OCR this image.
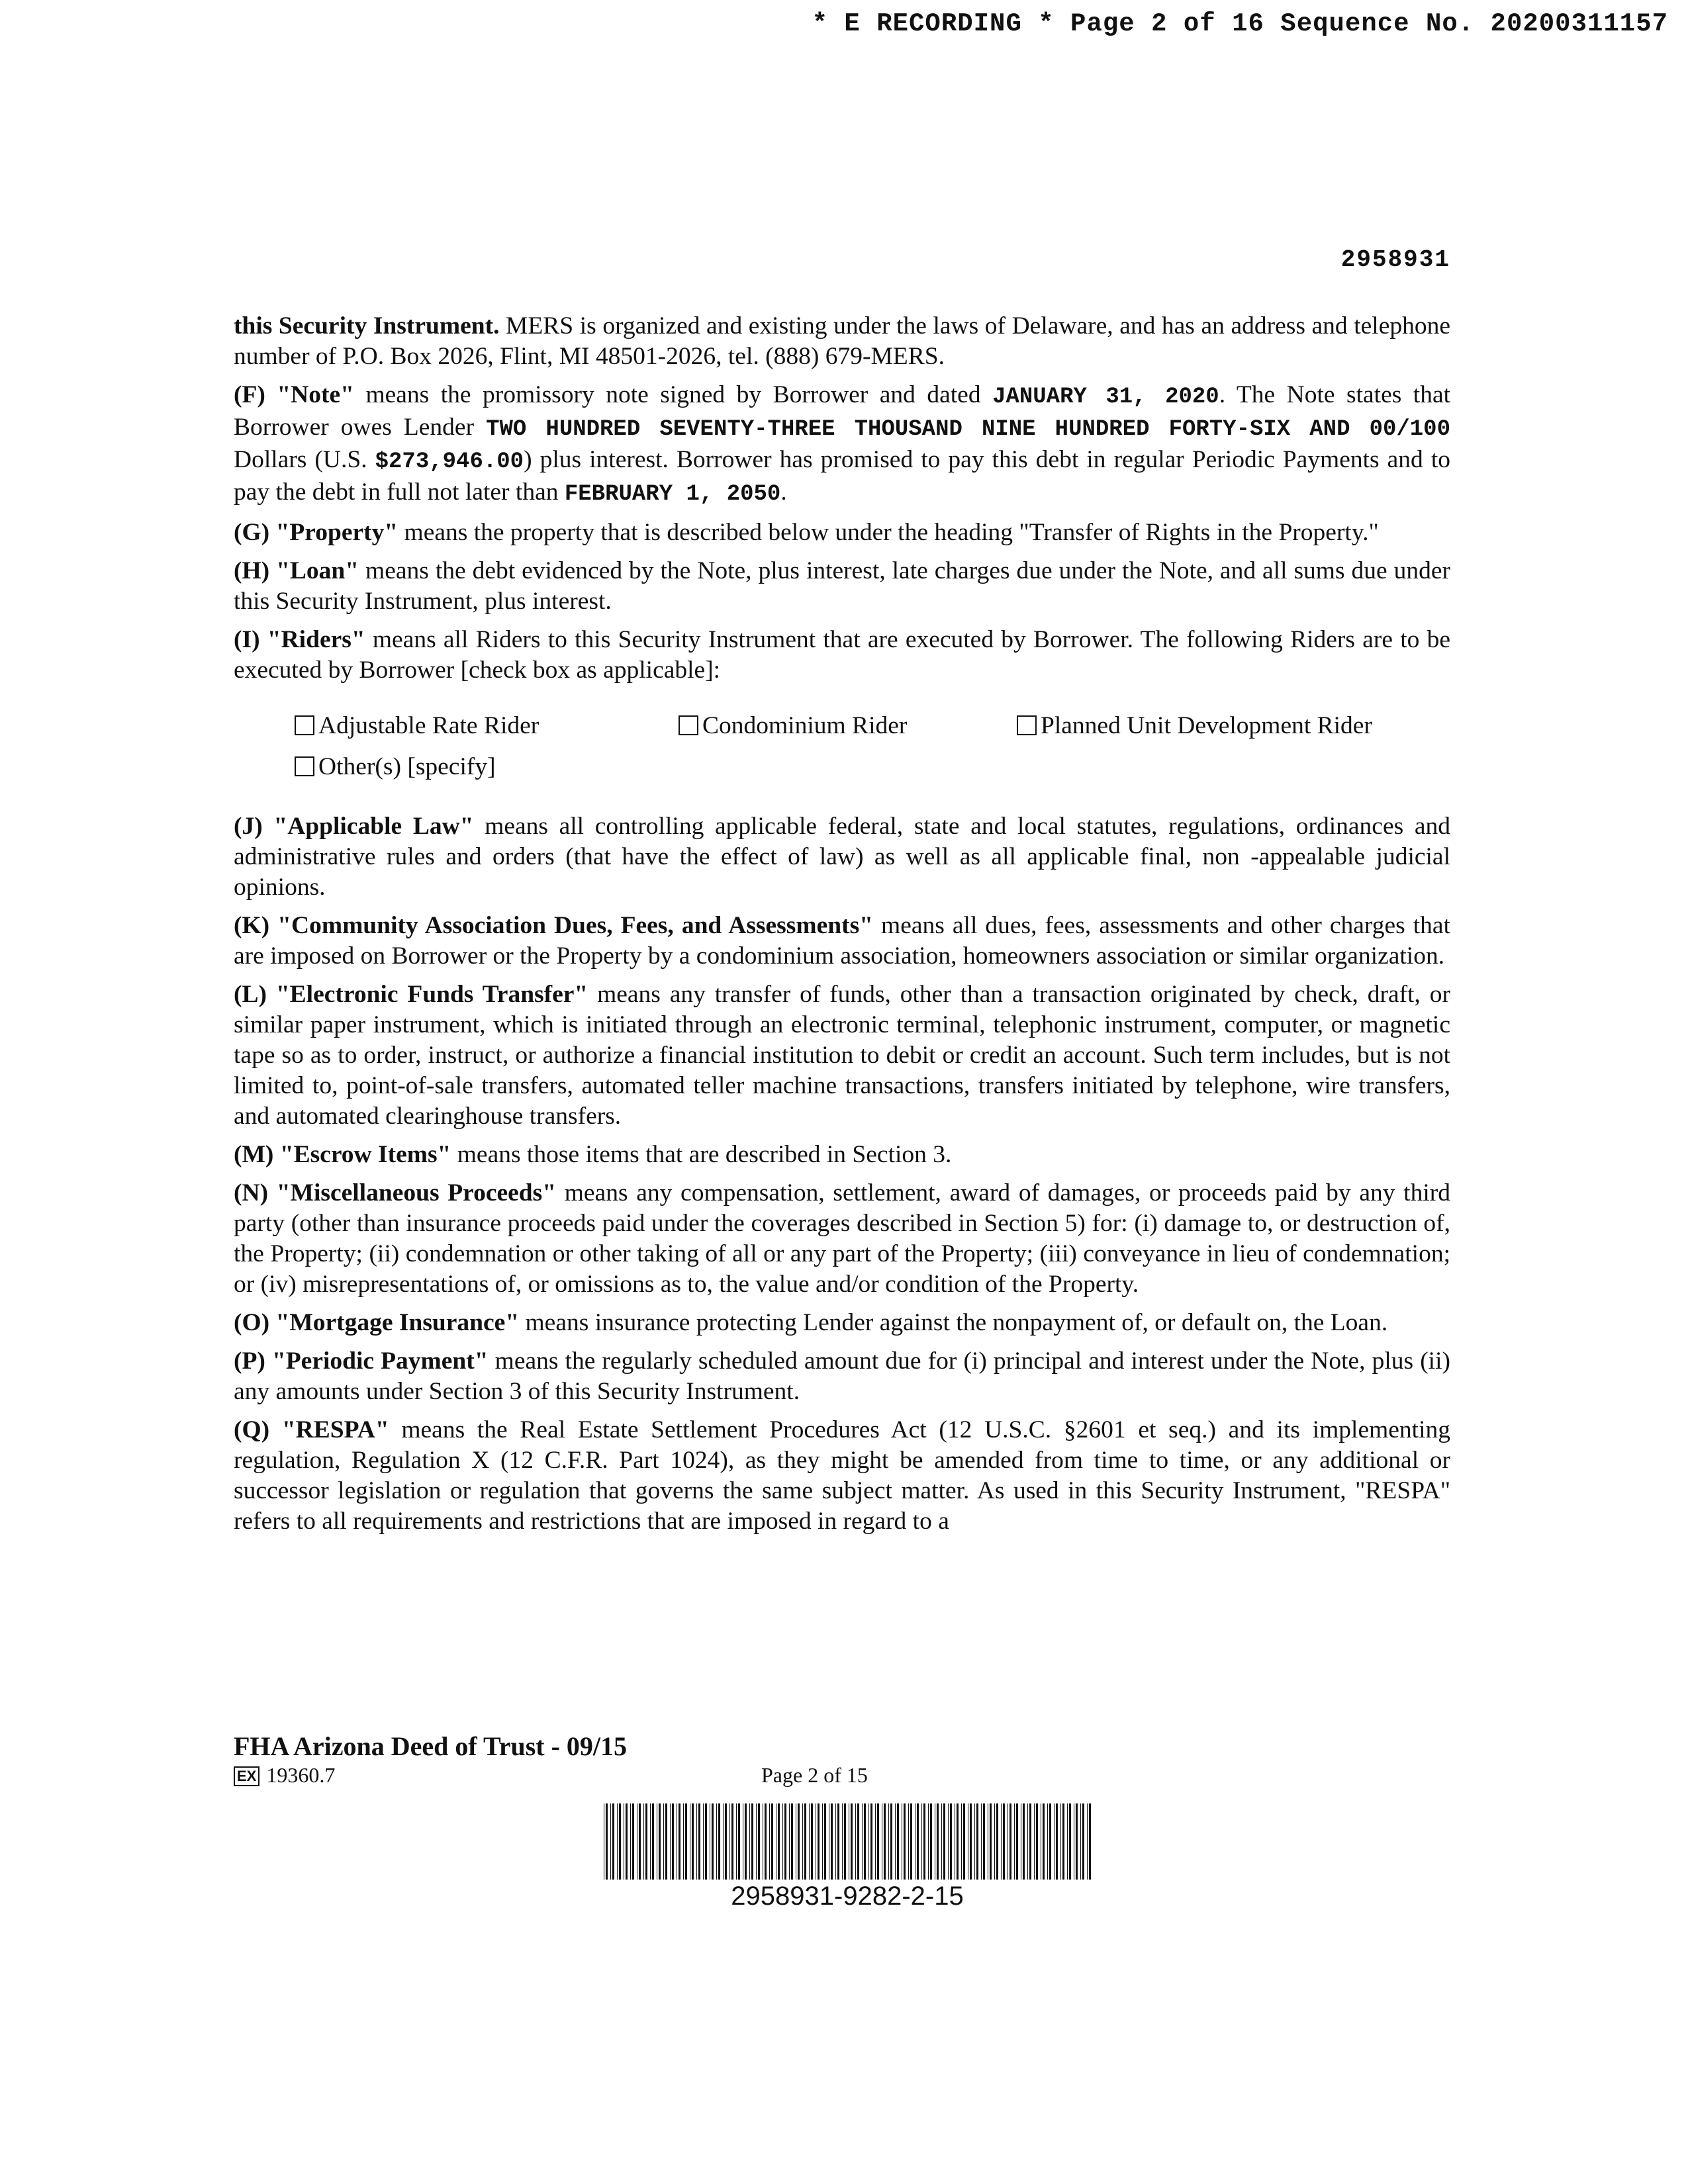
* E RECORDING * Page 2 of 16 Sequence No. 20200311157
2958931

this Security Instrument. MERS is organized and existing under the laws of Delaware, and has an address and telephone number of P.O. Box 2026, Flint, MI 48501-2026, tel. (888) 679-MERS.

(F) "Note" means the promissory note signed by Borrower and dated JANUARY 31, 2020. The Note states that Borrower owes Lender TWO HUNDRED SEVENTY-THREE THOUSAND NINE HUNDRED FORTY-SIX AND 00/100 Dollars (U.S. $273,946.00) plus interest. Borrower has promised to pay this debt in regular Periodic Payments and to pay the debt in full not later than FEBRUARY 1, 2050.

(G) "Property" means the property that is described below under the heading "Transfer of Rights in the Property."

(H) "Loan" means the debt evidenced by the Note, plus interest, late charges due under the Note, and all sums due under this Security Instrument, plus interest.

(I) "Riders" means all Riders to this Security Instrument that are executed by Borrower. The following Riders are to be executed by Borrower [check box as applicable]:

Adjustable Rate Rider	Condominium Rider	Planned Unit Development Rider
Other(s) [specify]

(J) "Applicable Law" means all controlling applicable federal, state and local statutes, regulations, ordinances and administrative rules and orders (that have the effect of law) as well as all applicable final, non -appealable judicial opinions.

(K) "Community Association Dues, Fees, and Assessments" means all dues, fees, assessments and other charges that are imposed on Borrower or the Property by a condominium association, homeowners association or similar organization.

(L) "Electronic Funds Transfer" means any transfer of funds, other than a transaction originated by check, draft, or similar paper instrument, which is initiated through an electronic terminal, telephonic instrument, computer, or magnetic tape so as to order, instruct, or authorize a financial institution to debit or credit an account. Such term includes, but is not limited to, point-of-sale transfers, automated teller machine transactions, transfers initiated by telephone, wire transfers, and automated clearinghouse transfers.

(M) "Escrow Items" means those items that are described in Section 3.

(N) "Miscellaneous Proceeds" means any compensation, settlement, award of damages, or proceeds paid by any third party (other than insurance proceeds paid under the coverages described in Section 5) for: (i) damage to, or destruction of, the Property; (ii) condemnation or other taking of all or any part of the Property; (iii) conveyance in lieu of condemnation; or (iv) misrepresentations of, or omissions as to, the value and/or condition of the Property.

(O) "Mortgage Insurance" means insurance protecting Lender against the nonpayment of, or default on, the Loan.

(P) "Periodic Payment" means the regularly scheduled amount due for (i) principal and interest under the Note, plus (ii) any amounts under Section 3 of this Security Instrument.

(Q) "RESPA" means the Real Estate Settlement Procedures Act (12 U.S.C. §2601 et seq.) and its implementing regulation, Regulation X (12 C.F.R. Part 1024), as they might be amended from time to time, or any additional or successor legislation or regulation that governs the same subject matter. As used in this Security Instrument, "RESPA" refers to all requirements and restrictions that are imposed in regard to a

FHA Arizona Deed of Trust - 09/15
EX 19360.7	Page 2 of 15
2958931-9282-2-15
